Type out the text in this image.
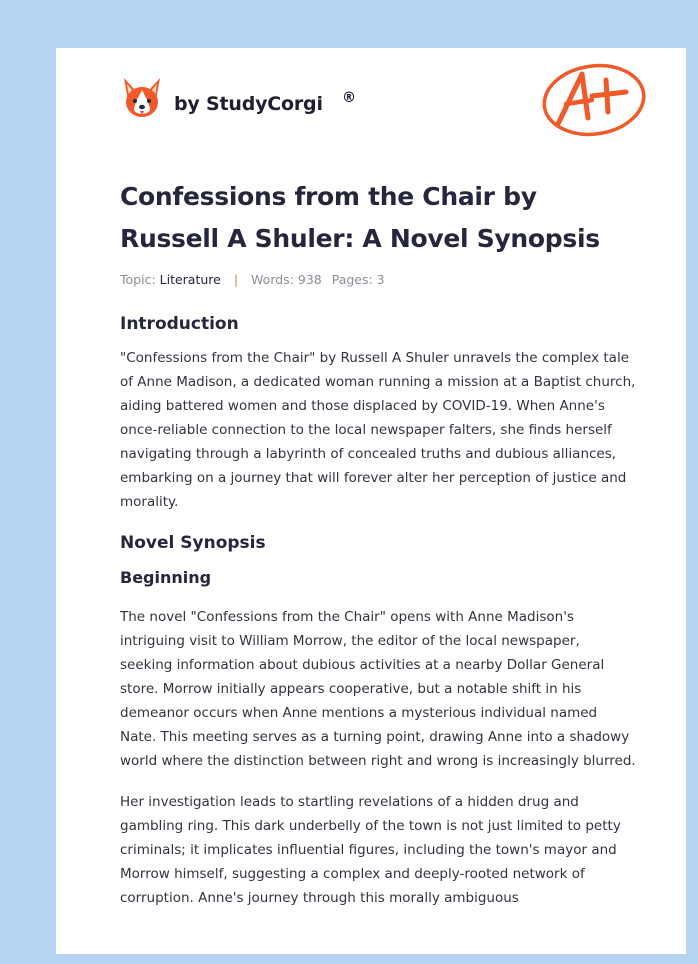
by StudyCorgi ®
Confessions from the Chair by Russell A Shuler: A Novel Synopsis
Topic: Literature | Words: 938 Pages: 3
Introduction

"Confessions from the Chair" by Russell A Shuler unravels the complex tale of Anne Madison, a dedicated woman running a mission at a Baptist church, aiding battered women and those displaced by COVID-19. When Anne's once-reliable connection to the local newspaper falters, she finds herself navigating through a labyrinth of concealed truths and dubious alliances, embarking on a journey that will forever alter her perception of justice and morality.

Novel Synopsis
Beginning

The novel "Confessions from the Chair" opens with Anne Madison's intriguing visit to William Morrow, the editor of the local newspaper, seeking information about dubious activities at a nearby Dollar General store. Morrow initially appears cooperative, but a notable shift in his demeanor occurs when Anne mentions a mysterious individual named Nate. This meeting serves as a turning point, drawing Anne into a shadowy world where the distinction between right and wrong is increasingly blurred.

Her investigation leads to startling revelations of a hidden drug and gambling ring. This dark underbelly of the town is not just limited to petty criminals; it implicates influential figures, including the town's mayor and Morrow himself, suggesting a complex and deeply-rooted network of corruption. Anne's journey through this morally ambiguous
